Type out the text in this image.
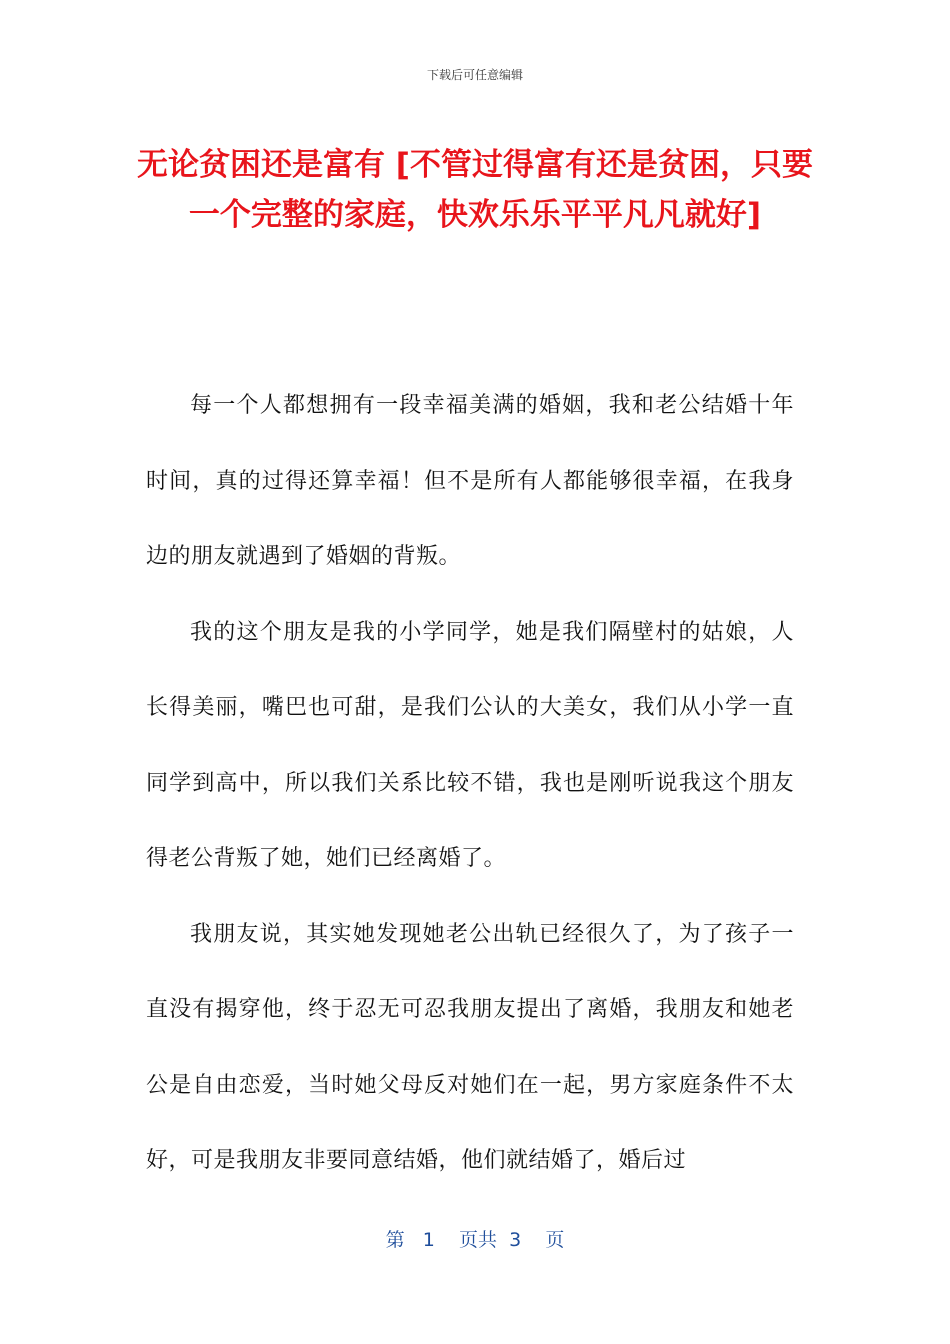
下载后可任意编辑
无论贫困还是富有 [不管过得富有还是贫困，只要一个完整的家庭，快欢乐乐平平凡凡就好]

每一个人都想拥有一段幸福美满的婚姻，我和老公结婚十年时间，真的过得还算幸福！但不是所有人都能够很幸福，在我身边的朋友就遇到了婚姻的背叛。

我的这个朋友是我的小学同学，她是我们隔壁村的姑娘，人长得美丽，嘴巴也可甜，是我们公认的大美女，我们从小学一直同学到高中，所以我们关系比较不错，我也是刚听说我这个朋友得老公背叛了她，她们已经离婚了。

我朋友说，其实她发现她老公出轨已经很久了，为了孩子一直没有揭穿他，终于忍无可忍我朋友提出了离婚，我朋友和她老公是自由恋爱，当时她父母反对她们在一起，男方家庭条件不太好，可是我朋友非要同意结婚，他们就结婚了，婚后过

第   1    页共  3    页
